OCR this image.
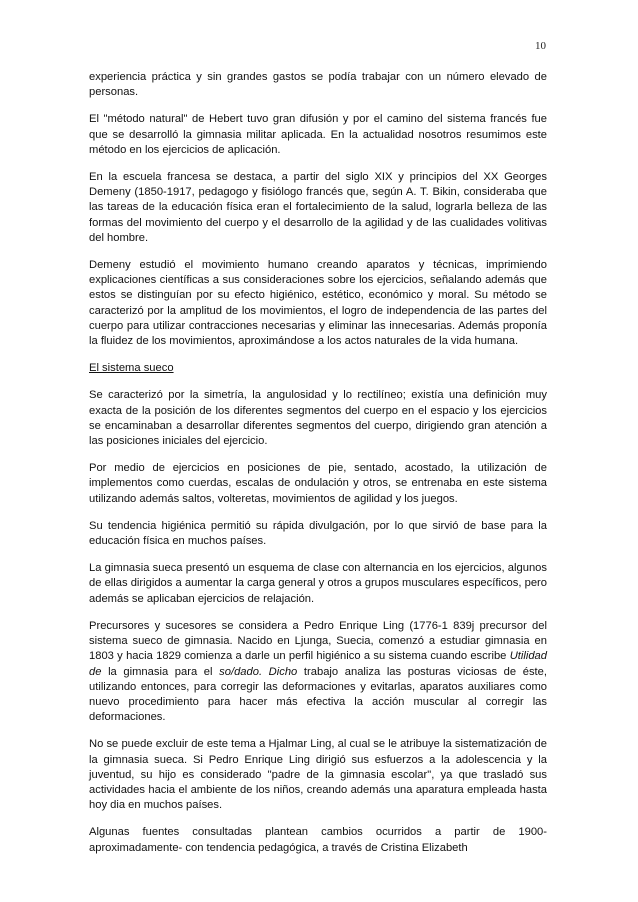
10

experiencia práctica y sin grandes gastos se podía trabajar con un número elevado de personas.

El "método natural" de Hebert tuvo gran difusión y por el camino del sistema francés fue que se desarrolló la gimnasia militar aplicada. En la actualidad nosotros resumimos este método en los ejercicios de aplicación.

En la escuela francesa se destaca, a partir del siglo XIX y principios del XX Georges Demeny (1850-1917, pedagogo y fisiólogo francés que, según A. T. Bikin, consideraba que las tareas de la educación física eran el fortalecimiento de la salud, lograrla belleza de las formas del movimiento del cuerpo y el desarrollo de la agilidad y de las cualidades volitivas del hombre.

Demeny estudió el movimiento humano creando aparatos y técnicas, imprimiendo explicaciones científicas a sus consideraciones sobre los ejercicios, señalando además que estos se distinguían por su efecto higiénico, estético, económico y moral. Su método se caracterizó por la amplitud de los movimientos, el logro de independencia de las partes del cuerpo para utilizar contracciones necesarias y eliminar las innecesarias. Además proponía la fluidez de los movimientos, aproximándose a los actos naturales de la vida humana.

El sistema sueco

Se caracterizó por la simetría, la angulosidad y lo rectilíneo; existía una definición muy exacta de la posición de los diferentes segmentos del cuerpo en el espacio y los ejercicios se encaminaban a desarrollar diferentes segmentos del cuerpo, dirigiendo gran atención a las posiciones iniciales del ejercicio.

Por medio de ejercicios en posiciones de pie, sentado, acostado, la utilización de implementos como cuerdas, escalas de ondulación y otros, se entrenaba en este sistema utilizando además saltos, volteretas, movimientos de agilidad y los juegos.

Su tendencia higiénica permitió su rápida divulgación, por lo que sirvió de base para la educación física en muchos países.

La gimnasia sueca presentó un esquema de clase con alternancia en los ejercicios, algunos de ellas dirigidos a aumentar la carga general y otros a grupos musculares específicos, pero además se aplicaban ejercicios de relajación.

Precursores y sucesores se considera a Pedro Enrique Ling (1776-1 839j precursor del sistema sueco de gimnasia. Nacido en Ljunga, Suecia, comenzó a estudiar gimnasia en 1803 y hacia 1829 comienza a darle un perfil higiénico a su sistema cuando escribe Utilidad de la gimnasia para el so/dado. Dicho trabajo analiza las posturas viciosas de éste, utilizando entonces, para corregir las deformaciones y evitarlas, aparatos auxiliares como nuevo procedimiento para hacer más efectiva la acción muscular al corregir las deformaciones.

No se puede excluir de este tema a Hjalmar Ling, al cual se le atribuye la sistematización de la gimnasia sueca. Si Pedro Enrique Ling dirigió sus esfuerzos a la adolescencia y la juventud, su hijo es considerado "padre de la gimnasia escolar", ya que trasladó sus actividades hacia el ambiente de los niños, creando además una aparatura empleada hasta hoy dia en muchos países.

Algunas fuentes consultadas plantean cambios ocurridos a partir de 1900-aproximadamente- con tendencia pedagógica, a través de Cristina Elizabeth
